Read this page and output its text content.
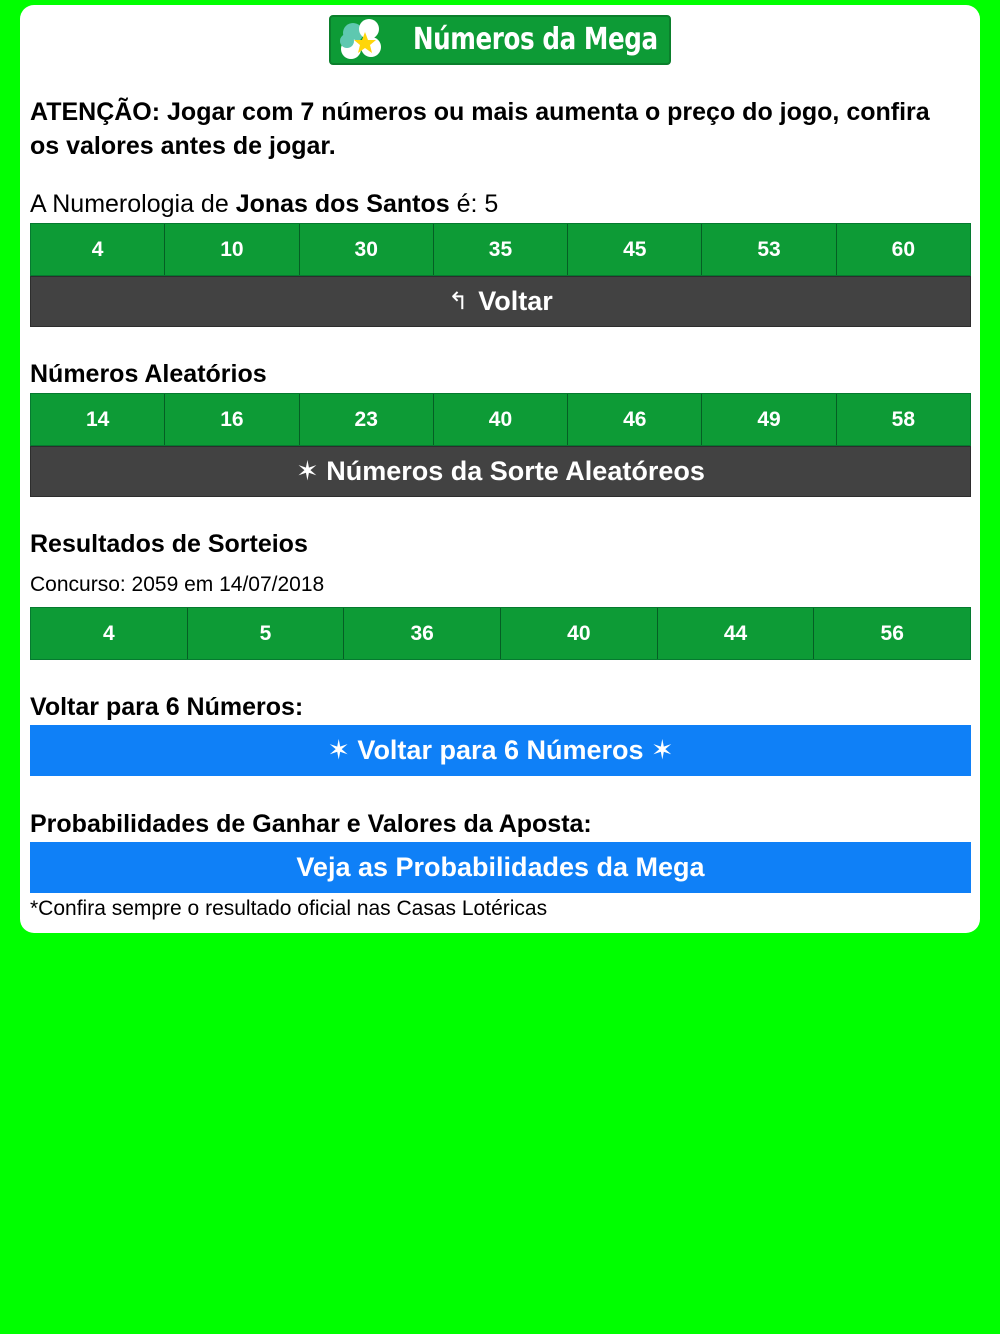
Números da Mega
ATENÇÃO: Jogar com 7 números ou mais aumenta o preço do jogo, confira os valores antes de jogar.
A Numerologia de Jonas dos Santos é: 5
4	10	30	35	45	53	60
↰ Voltar
Números Aleatórios
14	16	23	40	46	49	58
✶ Números da Sorte Aleatóreos
Resultados de Sorteios
Concurso: 2059 em 14/07/2018
4	5	36	40	44	56
Voltar para 6 Números:
✶ Voltar para 6 Números ✶
Probabilidades de Ganhar e Valores da Aposta:
Veja as Probabilidades da Mega
*Confira sempre o resultado oficial nas Casas Lotéricas
